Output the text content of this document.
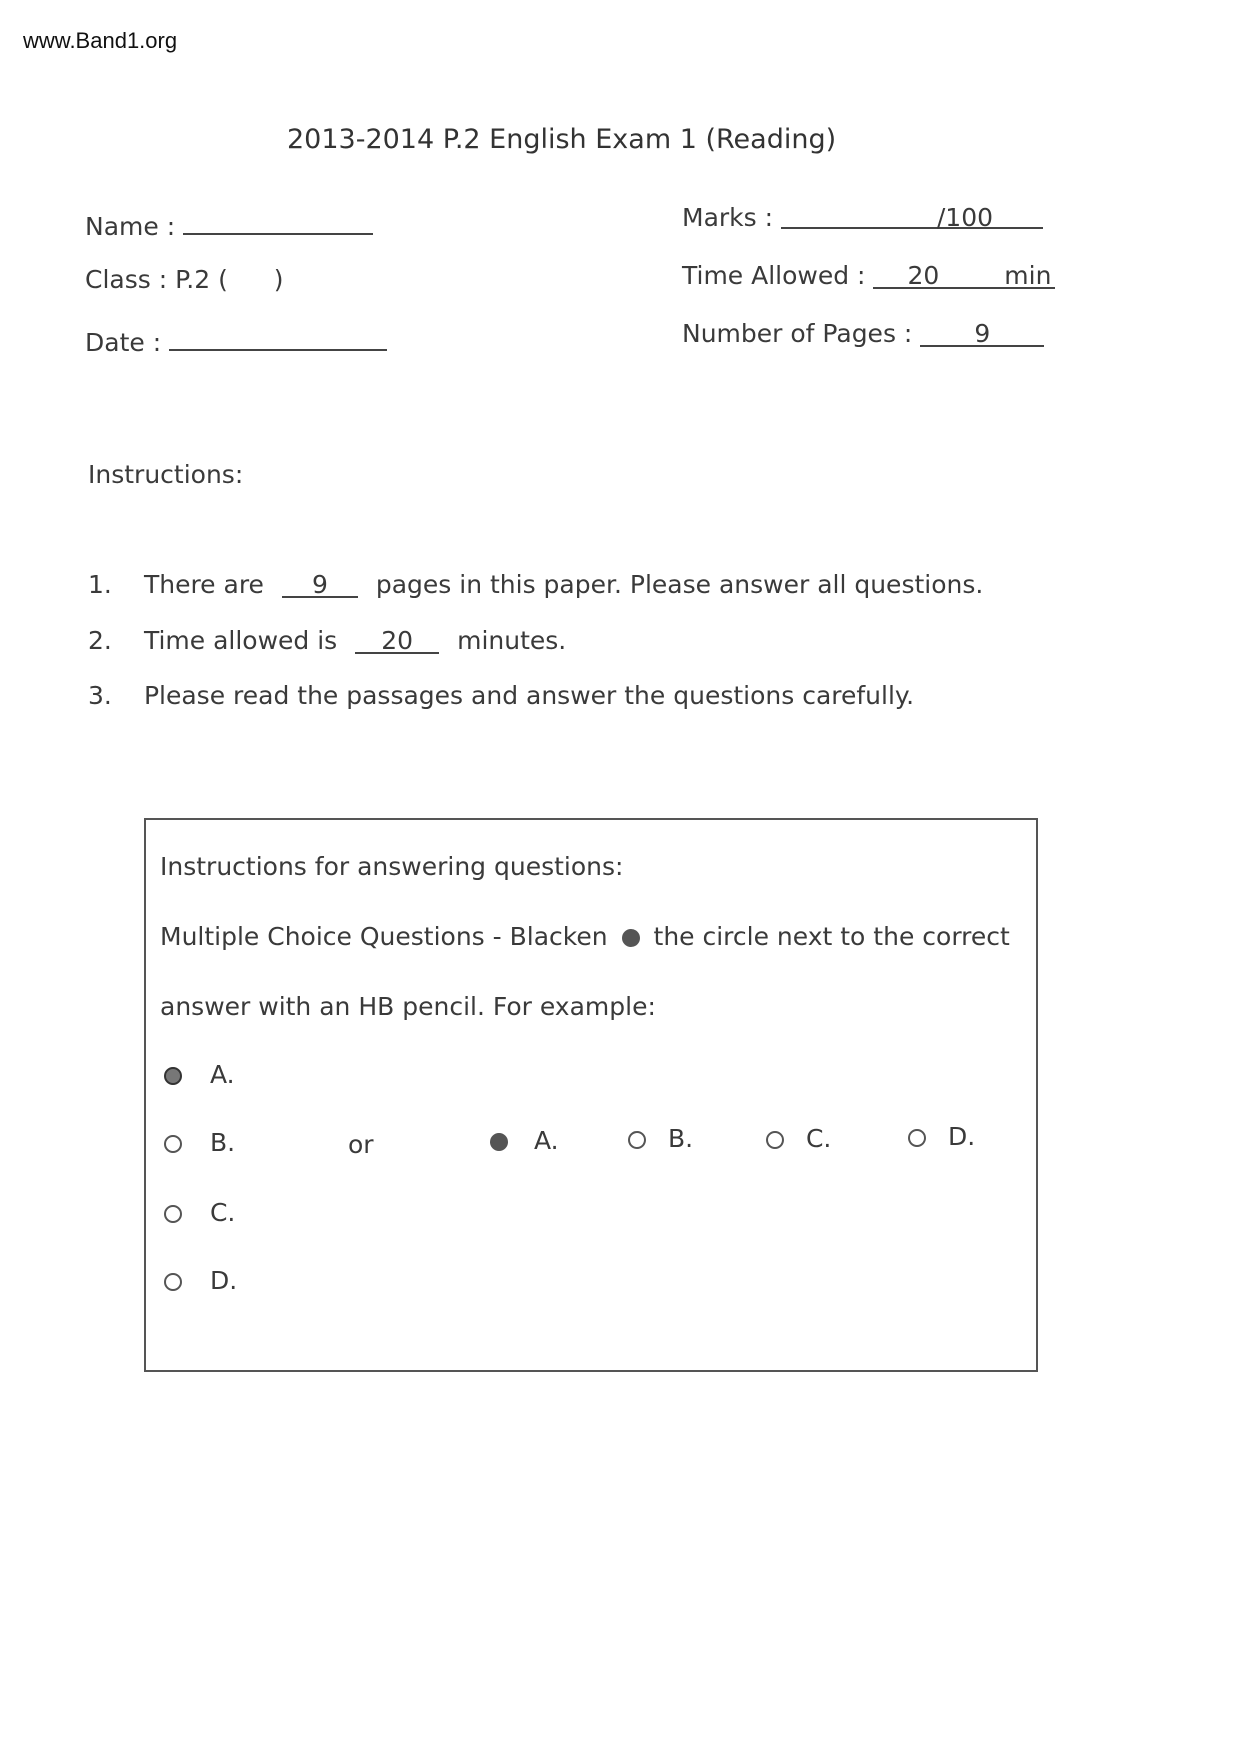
www.Band1.org
2013-2014 P.2 English Exam 1 (Reading)
Name :
Class : P.2 ( )
Date :
Marks :	/100
Time Allowed : 20	min
Number of Pages : 9
Instructions:
1. There are 9 pages in this paper. Please answer all questions.
2. Time allowed is 20 minutes.
3. Please read the passages and answer the questions carefully.
Instructions for answering questions:
Multiple Choice Questions - Blacken the circle next to the correct
answer with an HB pencil. For example:
A.
B.
C.
D.
or	A.	B.	C.	D.
